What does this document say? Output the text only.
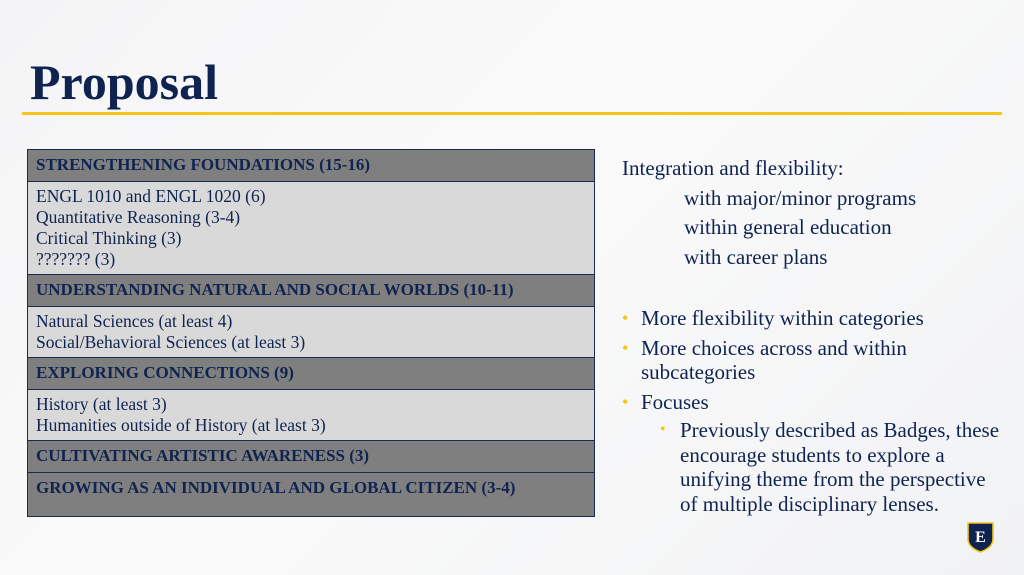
Proposal
STRENGTHENING FOUNDATIONS (15-16)

ENGL 1010 and ENGL 1020 (6)
Quantitative Reasoning (3-4)
Critical Thinking (3)
??????? (3)

UNDERSTANDING NATURAL AND SOCIAL WORLDS (10-11)

Natural Sciences (at least 4)
Social/Behavioral Sciences (at least 3)

EXPLORING CONNECTIONS (9)

History (at least 3)
Humanities outside of History (at least 3)

CULTIVATING ARTISTIC AWARENESS (3)
GROWING AS AN INDIVIDUAL AND GLOBAL CITIZEN (3-4)

Integration and flexibility:

with major/minor programs
within general education
with career plans
• More flexibility within categories
• More choices across and within subcategories
• Focuses
• Previously described as Badges, these encourage students to explore a unifying theme from the perspective of multiple disciplinary lenses.
E
